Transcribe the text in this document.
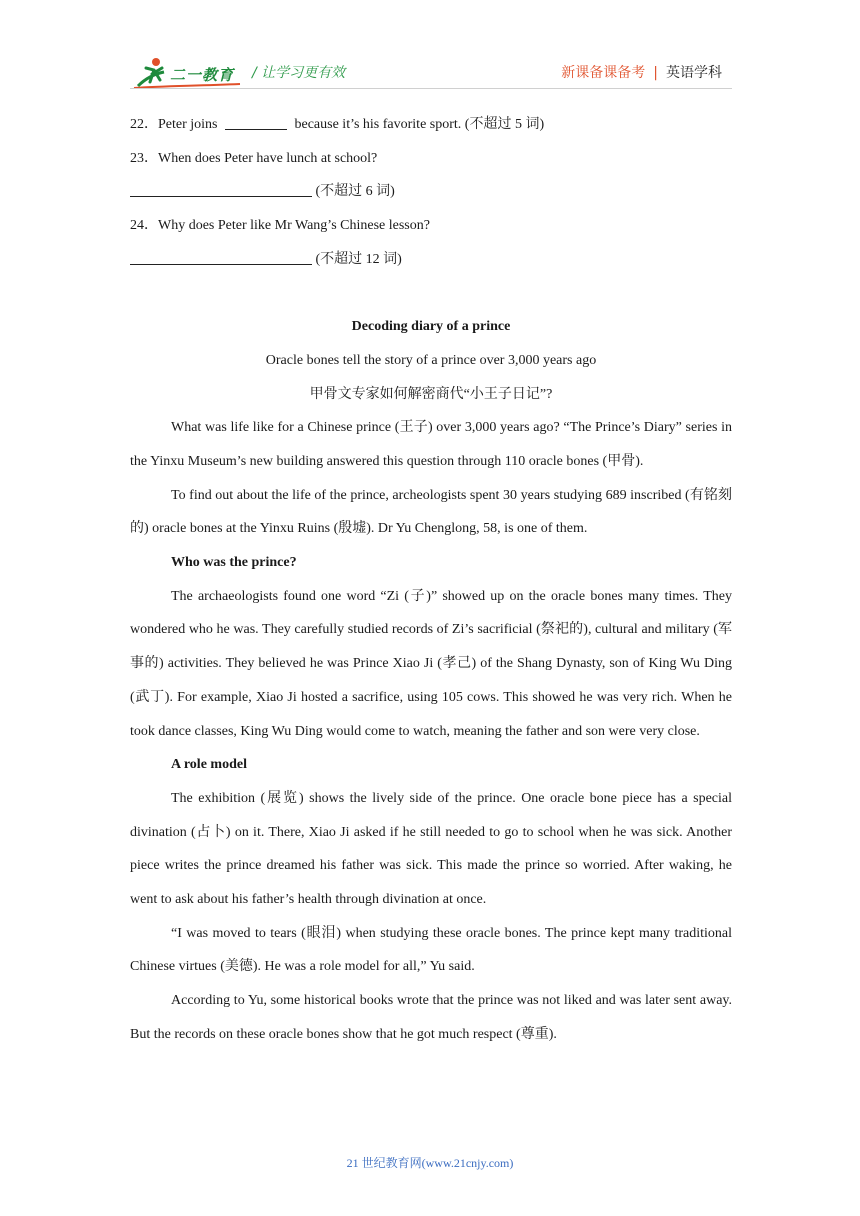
二一教育 / 让学习更有效	新课备课备考 | 英语学科
22．Peter joins	because it’s his favorite sport. (不超过 5 词)
23．When does Peter have lunch at school?
(不超过 6 词)
24．Why does Peter like Mr Wang’s Chinese lesson?
(不超过 12 词)
Decoding diary of a prince
Oracle bones tell the story of a prince over 3,000 years ago
甲骨文专家如何解密商代“小王子日记”?

What was life like for a Chinese prince (王子) over 3,000 years ago? “The Prince’s Diary” series in the Yinxu Museum’s new building answered this question through 110 oracle bones (甲骨).

To find out about the life of the prince, archeologists spent 30 years studying 689 inscribed (有铭刻的) oracle bones at the Yinxu Ruins (殷墟). Dr Yu Chenglong, 58, is one of them.

Who was the prince?

The archaeologists found one word “Zi (子)” showed up on the oracle bones many times. They wondered who he was. They carefully studied records of Zi’s sacrificial (祭祀的), cultural and military (军事的) activities. They believed he was Prince Xiao Ji (孝己) of the Shang Dynasty, son of King Wu Ding (武丁). For example, Xiao Ji hosted a sacrifice, using 105 cows. This showed he was very rich. When he took dance classes, King Wu Ding would come to watch, meaning the father and son were very close.

A role model

The exhibition (展览) shows the lively side of the prince. One oracle bone piece has a special divination (占卜) on it. There, Xiao Ji asked if he still needed to go to school when he was sick. Another piece writes the prince dreamed his father was sick. This made the prince so worried. After waking, he went to ask about his father’s health through divination at once.

“I was moved to tears (眼泪) when studying these oracle bones. The prince kept many traditional Chinese virtues (美德). He was a role model for all,” Yu said.

According to Yu, some historical books wrote that the prince was not liked and was later sent away. But the records on these oracle bones show that he got much respect (尊重).

21 世纪教育网(www.21cnjy.com)
